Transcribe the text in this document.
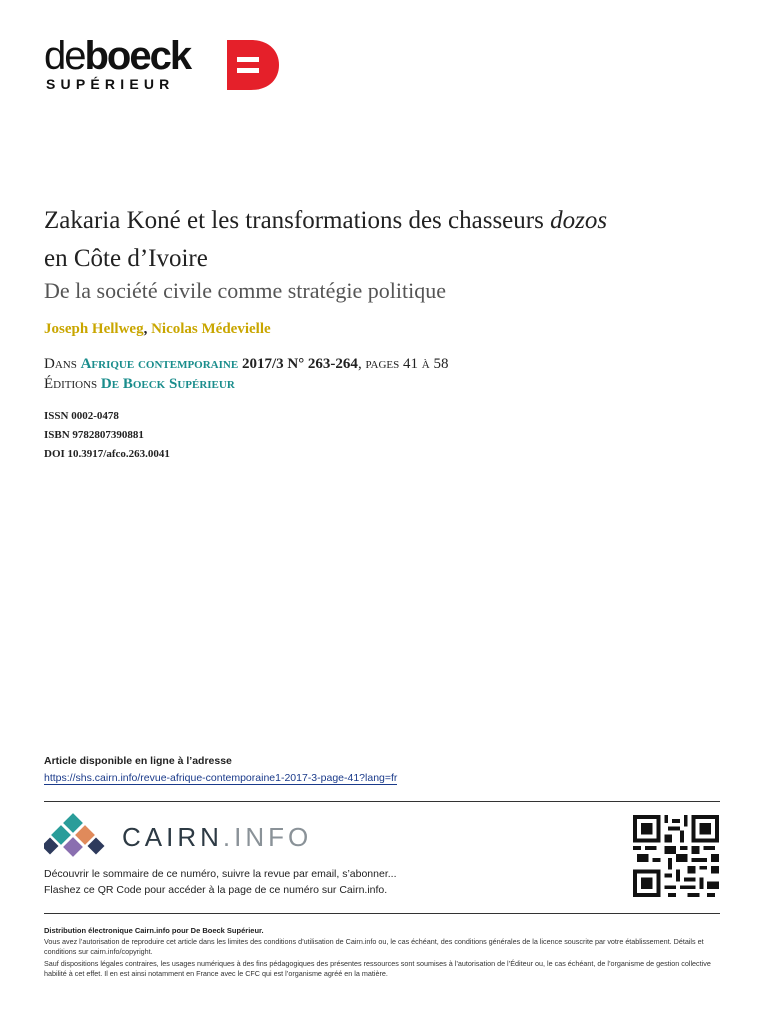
deboeck
SUPÉRIEUR
Zakaria Koné et les transformations des chasseurs dozos
en Côte d’Ivoire
De la société civile comme stratégie politique
Joseph Hellweg, Nicolas Médevielle
Dans Afrique contemporaine 2017/3 N° 263-264, pages 41 à 58
Éditions De Boeck Supérieur
ISSN 0002-0478
ISBN 9782807390881
DOI 10.3917/afco.263.0041
Article disponible en ligne à l’adresse
https://shs.cairn.info/revue-afrique-contemporaine1-2017-3-page-41?lang=fr
CAIRN.INFO
Découvrir le sommaire de ce numéro, suivre la revue par email, s’abonner...
Flashez ce QR Code pour accéder à la page de ce numéro sur Cairn.info.
Distribution électronique Cairn.info pour De Boeck Supérieur.
Vous avez l’autorisation de reproduire cet article dans les limites des conditions d’utilisation de Cairn.info ou, le cas échéant, des conditions générales de la licence souscrite par votre établissement. Détails et conditions sur cairn.info/copyright.
Sauf dispositions légales contraires, les usages numériques à des fins pédagogiques des présentes ressources sont soumises à l’autorisation de l’Éditeur ou, le cas échéant, de l’organisme de gestion collective habilité à cet effet. Il en est ainsi notamment en France avec le CFC qui est l’organisme agréé en la matière.
